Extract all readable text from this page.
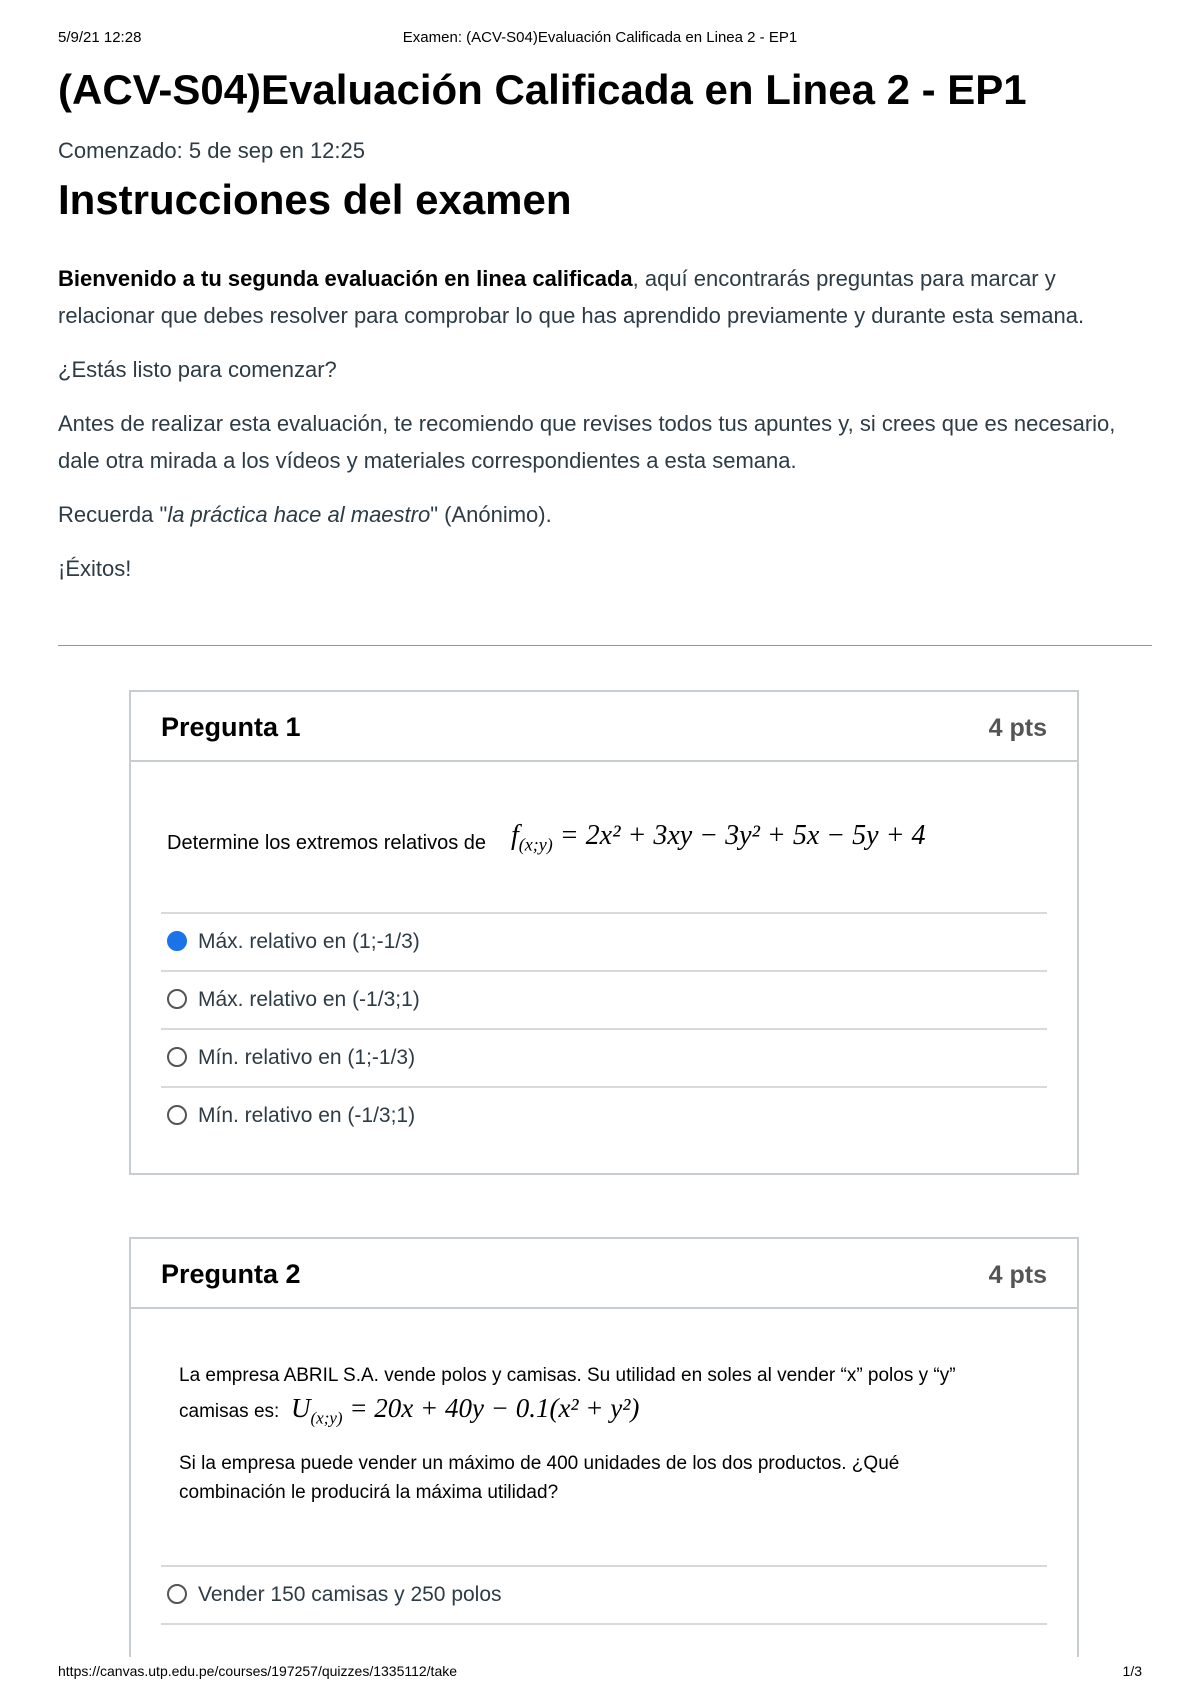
5/9/21 12:28	Examen: (ACV-S04)Evaluación Calificada en Linea 2 - EP1
(ACV-S04)Evaluación Calificada en Linea 2 - EP1
Comenzado: 5 de sep en 12:25
Instrucciones del examen

Bienvenido a tu segunda evaluación en linea calificada, aquí encontrarás preguntas para marcar y relacionar que debes resolver para comprobar lo que has aprendido previamente y durante esta semana.

¿Estás listo para comenzar?

Antes de realizar esta evaluación, te recomiendo que revises todos tus apuntes y, si crees que es necesario, dale otra mirada a los vídeos y materiales correspondientes a esta semana.

Recuerda "la práctica hace al maestro" (Anónimo).

¡Éxitos!

Pregunta 1	4 pts
Determine los extremos relativos de $f_{(x;y)} = 2x^2 + 3xy - 3y^2 + 5x - 5y + 4$
Máx. relativo en (1;-1/3)
Máx. relativo en (-1/3;1)
Mín. relativo en (1;-1/3)
Mín. relativo en (-1/3;1)
Pregunta 2	4 pts
La empresa ABRIL S.A. vende polos y camisas. Su utilidad en soles al vender “x” polos y “y”
camisas es: $U_{(x;y)} = 20x + 40y - 0.1(x^2 + y^2)$
Si la empresa puede vender un máximo de 400 unidades de los dos productos. ¿Qué
combinación le producirá la máxima utilidad?
Vender 150 camisas y 250 polos
https://canvas.utp.edu.pe/courses/197257/quizzes/1335112/take	1/3
